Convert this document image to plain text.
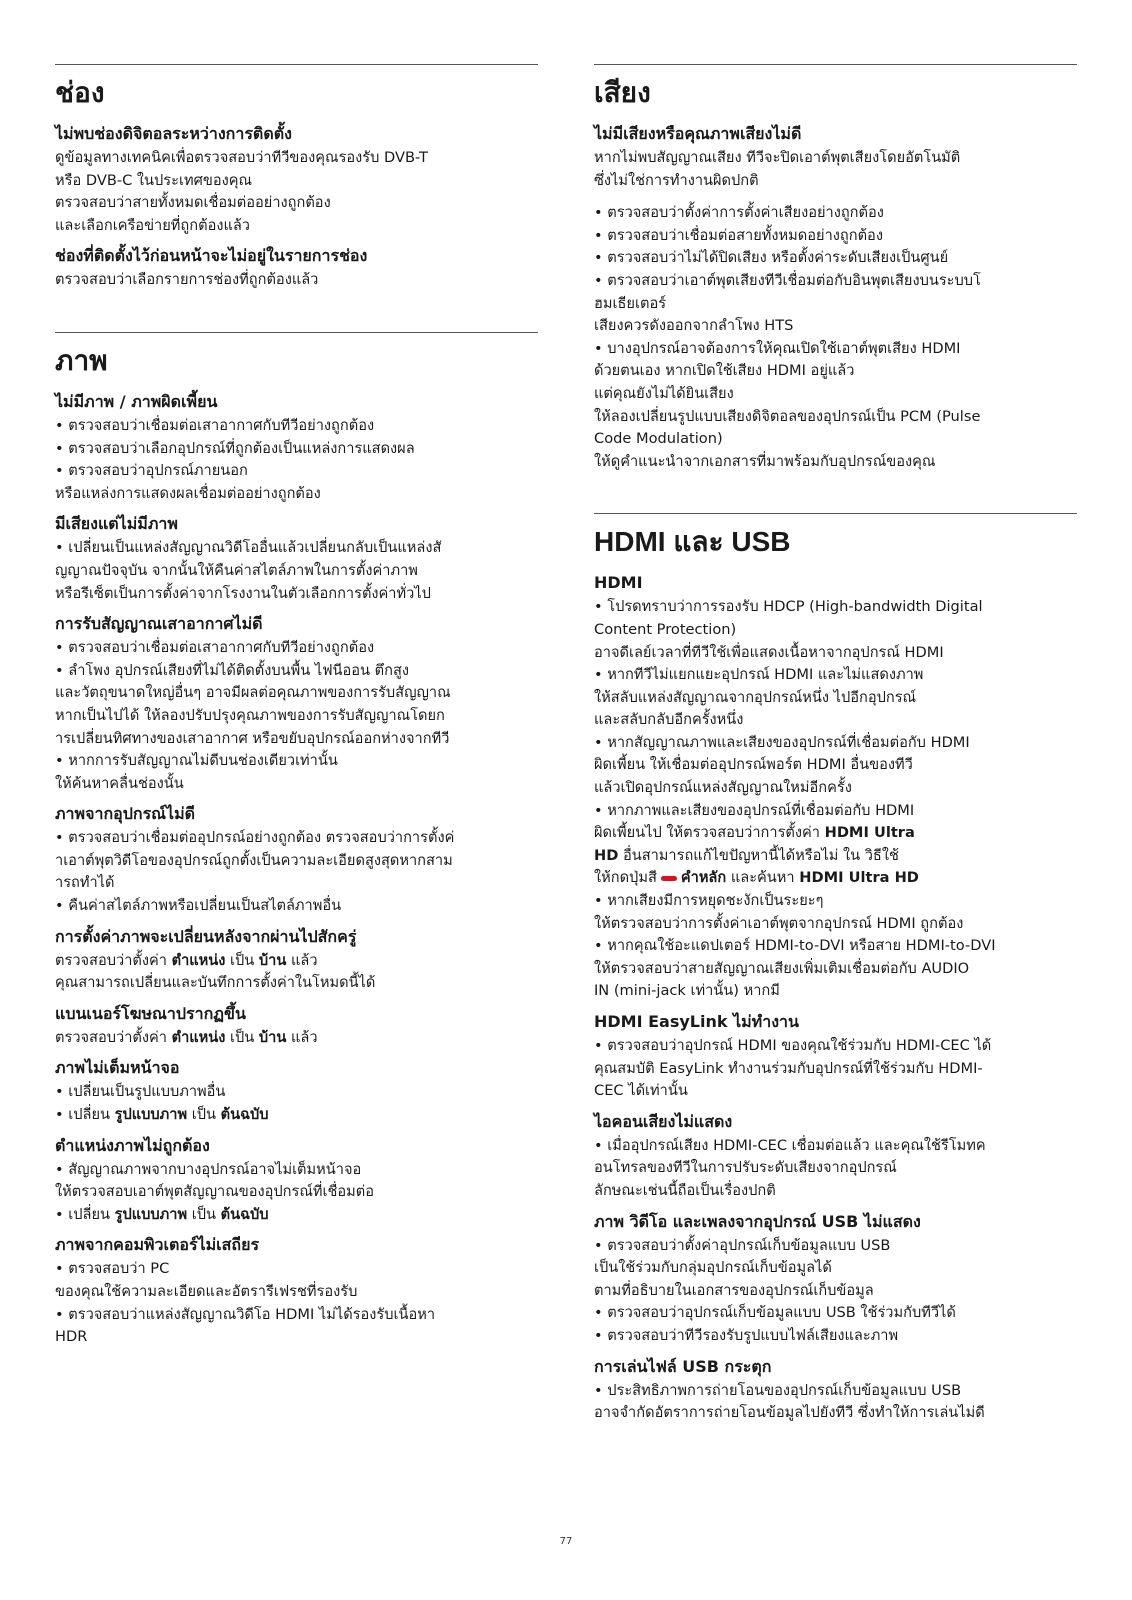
ช่อง
ไม่พบช่องดิจิตอลระหว่างการติดตั้ง

ดูข้อมูลทางเทคนิคเพื่อตรวจสอบว่าทีวีของคุณรองรับ DVB-T
หรือ DVB-C ในประเทศของคุณ
ตรวจสอบว่าสายทั้งหมดเชื่อมต่ออย่างถูกต้อง
และเลือกเครือข่ายที่ถูกต้องแล้ว

ช่องที่ติดตั้งไว้ก่อนหน้าจะไม่อยู่ในรายการช่อง

ตรวจสอบว่าเลือกรายการช่องที่ถูกต้องแล้ว

ภาพ
ไม่มีภาพ / ภาพผิดเพี้ยน

• ตรวจสอบว่าเชื่อมต่อเสาอากาศกับทีวีอย่างถูกต้อง
• ตรวจสอบว่าเลือกอุปกรณ์ที่ถูกต้องเป็นแหล่งการแสดงผล
• ตรวจสอบว่าอุปกรณ์ภายนอก
หรือแหล่งการแสดงผลเชื่อมต่ออย่างถูกต้อง

มีเสียงแต่ไม่มีภาพ

• เปลี่ยนเป็นแหล่งสัญญาณวิดีโออื่นแล้วเปลี่ยนกลับเป็นแหล่งสั
ญญาณปัจจุบัน จากนั้นให้คืนค่าสไตล์ภาพในการตั้งค่าภาพ
หรือรีเซ็ตเป็นการตั้งค่าจากโรงงานในตัวเลือกการตั้งค่าทั่วไป

การรับสัญญาณเสาอากาศไม่ดี

• ตรวจสอบว่าเชื่อมต่อเสาอากาศกับทีวีอย่างถูกต้อง
• ลำโพง อุปกรณ์เสียงที่ไม่ได้ติดตั้งบนพื้น ไฟนีออน ตึกสูง
และวัตถุขนาดใหญ่อื่นๆ อาจมีผลต่อคุณภาพของการรับสัญญาณ
หากเป็นไปได้ ให้ลองปรับปรุงคุณภาพของการรับสัญญาณโดยก
ารเปลี่ยนทิศทางของเสาอากาศ หรือขยับอุปกรณ์ออกห่างจากทีวี
• หากการรับสัญญาณไม่ดีบนช่องเดียวเท่านั้น
ให้ค้นหาคลื่นช่องนั้น

ภาพจากอุปกรณ์ไม่ดี

• ตรวจสอบว่าเชื่อมต่ออุปกรณ์อย่างถูกต้อง ตรวจสอบว่าการตั้งค่
าเอาต์พุตวิดีโอของอุปกรณ์ถูกตั้งเป็นความละเอียดสูงสุดหากสาม
ารถทำได้
• คืนค่าสไตล์ภาพหรือเปลี่ยนเป็นสไตล์ภาพอื่น

การตั้งค่าภาพจะเปลี่ยนหลังจากผ่านไปสักครู่

ตรวจสอบว่าตั้งค่า ตำแหน่ง เป็น บ้าน แล้ว
คุณสามารถเปลี่ยนและบันทึกการตั้งค่าในโหมดนี้ได้

แบนเนอร์โฆษณาปรากฏขึ้น

ตรวจสอบว่าตั้งค่า ตำแหน่ง เป็น บ้าน แล้ว

ภาพไม่เต็มหน้าจอ

• เปลี่ยนเป็นรูปแบบภาพอื่น

• เปลี่ยน รูปแบบภาพ เป็น ต้นฉบับ

ตำแหน่งภาพไม่ถูกต้อง

• สัญญาณภาพจากบางอุปกรณ์อาจไม่เต็มหน้าจอ
ให้ตรวจสอบเอาต์พุตสัญญาณของอุปกรณ์ที่เชื่อมต่อ

• เปลี่ยน รูปแบบภาพ เป็น ต้นฉบับ

ภาพจากคอมพิวเตอร์ไม่เสถียร

• ตรวจสอบว่า PC
ของคุณใช้ความละเอียดและอัตรารีเฟรชที่รองรับ
• ตรวจสอบว่าแหล่งสัญญาณวิดีโอ HDMI ไม่ได้รองรับเนื้อหา
HDR

เสียง
ไม่มีเสียงหรือคุณภาพเสียงไม่ดี

หากไม่พบสัญญาณเสียง ทีวีจะปิดเอาต์พุตเสียงโดยอัตโนมัติ
ซึ่งไม่ใช่การทำงานผิดปกติ

• ตรวจสอบว่าตั้งค่าการตั้งค่าเสียงอย่างถูกต้อง
• ตรวจสอบว่าเชื่อมต่อสายทั้งหมดอย่างถูกต้อง
• ตรวจสอบว่าไม่ได้ปิดเสียง หรือตั้งค่าระดับเสียงเป็นศูนย์
• ตรวจสอบว่าเอาต์พุตเสียงทีวีเชื่อมต่อกับอินพุตเสียงบนระบบโ
ฮมเธียเตอร์
เสียงควรดังออกจากลำโพง HTS
• บางอุปกรณ์อาจต้องการให้คุณเปิดใช้เอาต์พุตเสียง HDMI
ด้วยตนเอง หากเปิดใช้เสียง HDMI อยู่แล้ว
แต่คุณยังไม่ได้ยินเสียง
ให้ลองเปลี่ยนรูปแบบเสียงดิจิตอลของอุปกรณ์เป็น PCM (Pulse
Code Modulation)
ให้ดูคำแนะนำจากเอกสารที่มาพร้อมกับอุปกรณ์ของคุณ

HDMI และ USB
HDMI

• โปรดทราบว่าการรองรับ HDCP (High-bandwidth Digital
Content Protection)
อาจดีเลย์เวลาที่ทีวีใช้เพื่อแสดงเนื้อหาจากอุปกรณ์ HDMI
• หากทีวีไม่แยกแยะอุปกรณ์ HDMI และไม่แสดงภาพ
ให้สลับแหล่งสัญญาณจากอุปกรณ์หนึ่ง ไปอีกอุปกรณ์
และสลับกลับอีกครั้งหนึ่ง
• หากสัญญาณภาพและเสียงของอุปกรณ์ที่เชื่อมต่อกับ HDMI
ผิดเพี้ยน ให้เชื่อมต่ออุปกรณ์พอร์ต HDMI อื่นของทีวี
แล้วเปิดอุปกรณ์แหล่งสัญญาณใหม่อีกครั้ง
• หากภาพและเสียงของอุปกรณ์ที่เชื่อมต่อกับ HDMI
ผิดเพี้ยนไป ให้ตรวจสอบว่าการตั้งค่า HDMI Ultra
HD อื่นสามารถแก้ไขปัญหานี้ได้หรือไม่ ใน วิธีใช้
ให้กดปุ่มสี คำหลัก และค้นหา HDMI Ultra HD

• หากเสียงมีการหยุดชะงักเป็นระยะๆ
ให้ตรวจสอบว่าการตั้งค่าเอาต์พุตจากอุปกรณ์ HDMI ถูกต้อง
• หากคุณใช้อะแดปเตอร์ HDMI-to-DVI หรือสาย HDMI-to-DVI
ให้ตรวจสอบว่าสายสัญญาณเสียงเพิ่มเติมเชื่อมต่อกับ AUDIO
IN (mini-jack เท่านั้น) หากมี

HDMI EasyLink ไม่ทำงาน

• ตรวจสอบว่าอุปกรณ์ HDMI ของคุณใช้ร่วมกับ HDMI-CEC ได้
คุณสมบัติ EasyLink ทำงานร่วมกับอุปกรณ์ที่ใช้ร่วมกับ HDMI-
CEC ได้เท่านั้น

ไอคอนเสียงไม่แสดง

• เมื่ออุปกรณ์เสียง HDMI-CEC เชื่อมต่อแล้ว และคุณใช้รีโมทค
อนโทรลของทีวีในการปรับระดับเสียงจากอุปกรณ์
ลักษณะเช่นนี้ถือเป็นเรื่องปกติ

ภาพ วิดีโอ และเพลงจากอุปกรณ์ USB ไม่แสดง

• ตรวจสอบว่าตั้งค่าอุปกรณ์เก็บข้อมูลแบบ USB
เป็นใช้ร่วมกับกลุ่มอุปกรณ์เก็บข้อมูลได้
ตามที่อธิบายในเอกสารของอุปกรณ์เก็บข้อมูล
• ตรวจสอบว่าอุปกรณ์เก็บข้อมูลแบบ USB ใช้ร่วมกับทีวีได้
• ตรวจสอบว่าทีวีรองรับรูปแบบไฟล์เสียงและภาพ

การเล่นไฟล์ USB กระตุก

• ประสิทธิภาพการถ่ายโอนของอุปกรณ์เก็บข้อมูลแบบ USB
อาจจำกัดอัตราการถ่ายโอนข้อมูลไปยังทีวี ซึ่งทำให้การเล่นไม่ดี

77
